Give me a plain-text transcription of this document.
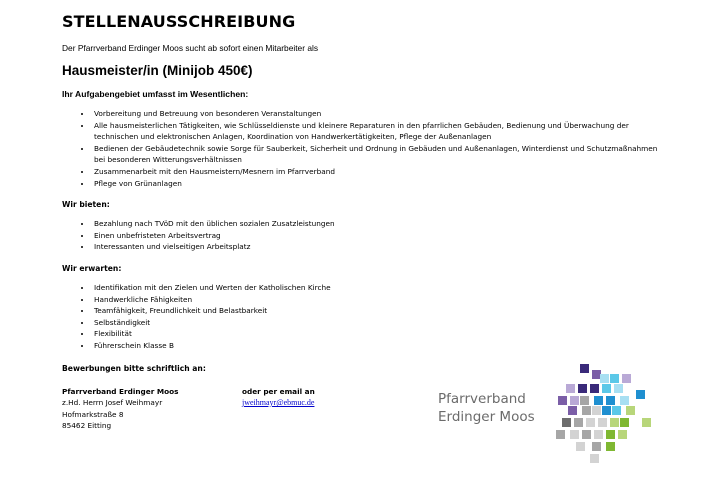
STELLENAUSSCHREIBUNG
Der Pfarrverband Erdinger Moos sucht ab sofort einen Mitarbeiter als
Hausmeister/in (Minijob 450€)
Ihr Aufgabengebiet umfasst im Wesentlichen:
• Vorbereitung und Betreuung von besonderen Veranstaltungen
• Alle hausmeisterlichen Tätigkeiten, wie Schlüsseldienste und kleinere Reparaturen in den pfarrlichen Gebäuden, Bedienung und Überwachung der technischen und elektronischen Anlagen, Koordination von Handwerkertätigkeiten, Pflege der Außenanlagen
• Bedienen der Gebäudetechnik sowie Sorge für Sauberkeit, Sicherheit und Ordnung in Gebäuden und Außenanlagen, Winterdienst und Schutzmaßnahmen bei besonderen Witterungsverhältnissen
• Zusammenarbeit mit den Hausmeistern/Mesnern im Pfarrverband
• Pflege von Grünanlagen
Wir bieten:
• Bezahlung nach TVöD mit den üblichen sozialen Zusatzleistungen
• Einen unbefristeten Arbeitsvertrag
• Interessanten und vielseitigen Arbeitsplatz
Wir erwarten:
• Identifikation mit den Zielen und Werten der Katholischen Kirche
• Handwerkliche Fähigkeiten
• Teamfähigkeit, Freundlichkeit und Belastbarkeit
• Selbständigkeit
• Flexibilität
• Führerschein Klasse B
Bewerbungen bitte schriftlich an:
Pfarrverband Erdinger Moos
z.Hd. Herrn Josef Weihmayr
Hofmarkstraße 8
85462 Eitting
oder per email an
jweihmayr@ebmuc.de	Pfarrverband
Erdinger Moos
